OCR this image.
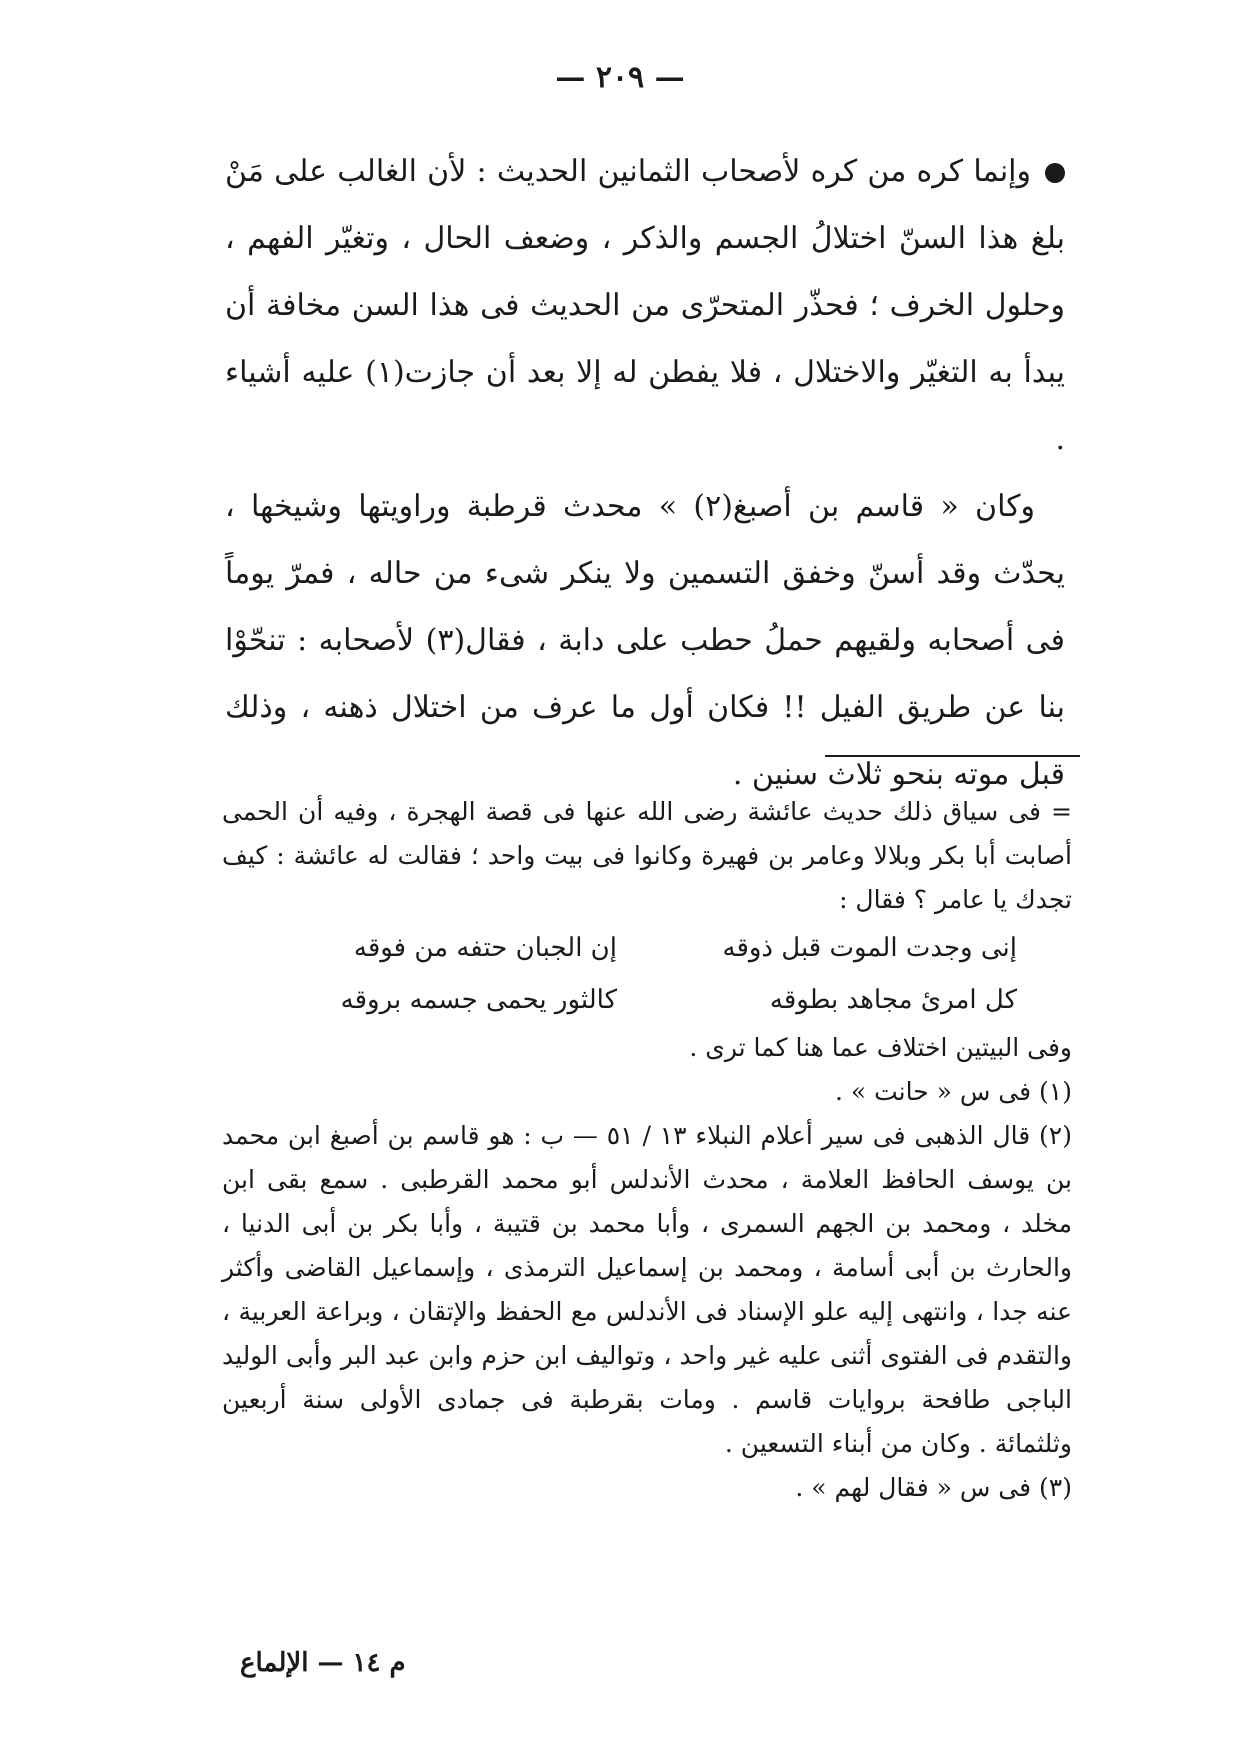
— ٢٠٩ —

وإنما كره من كره لأصحاب الثمانين الحديث : لأن الغالب على مَنْ بلغ هذا السنّ اختلالُ الجسم والذكر ، وضعف الحال ، وتغيّر الفهم ، وحلول الخرف ؛ فحذّر المتحرّى من الحديث فى هذا السن مخافة أن يبدأ به التغيّر والاختلال ، فلا يفطن له إلا بعد أن جازت(١) عليه أشياء .

وكان « قاسم بن أصبغ(٢) » محدث قرطبة وراويتها وشيخها ، يحدّث وقد أسنّ وخفق التسمين ولا ينكر شىء من حاله ، فمرّ يوماً فى أصحابه ولقيهم حملُ حطب على دابة ، فقال(٣) لأصحابه : تنحّوْا بنا عن طريق الفيل !! فكان أول ما عرف من اختلال ذهنه ، وذلك قبل موته بنحو ثلاث سنين .

= فى سياق ذلك حديث عائشة رضى الله عنها فى قصة الهجرة ، وفيه أن الحمى أصابت أبا بكر وبلالا وعامر بن فهيرة وكانوا فى بيت واحد ؛ فقالت له عائشة : كيف تجدك يا عامر ؟ فقال :

إنى وجدت الموت قبل ذوقه
إن الجبان حتفه من فوقه
كل امرئ مجاهد بطوقه
كالثور يحمى جسمه بروقه

وفى البيتين اختلاف عما هنا كما ترى .

(١) فى س « حانت » .

(٢) قال الذهبى فى سير أعلام النبلاء ١٣ / ٥١ — ب : هو قاسم بن أصبغ ابن محمد بن يوسف الحافظ العلامة ، محدث الأندلس أبو محمد القرطبى . سمع بقى ابن مخلد ، ومحمد بن الجهم السمرى ، وأبا محمد بن قتيبة ، وأبا بكر بن أبى الدنيا ، والحارث بن أبى أسامة ، ومحمد بن إسماعيل الترمذى ، وإسماعيل القاضى وأكثر عنه جدا ، وانتهى إليه علو الإسناد فى الأندلس مع الحفظ والإتقان ، وبراعة العربية ، والتقدم فى الفتوى أثنى عليه غير واحد ، وتواليف ابن حزم وابن عبد البر وأبى الوليد الباجى طافحة بروايات قاسم . ومات بقرطبة فى جمادى الأولى سنة أربعين وثلثمائة . وكان من أبناء التسعين .

(٣) فى س « فقال لهم » .

م ١٤ — الإلماع
